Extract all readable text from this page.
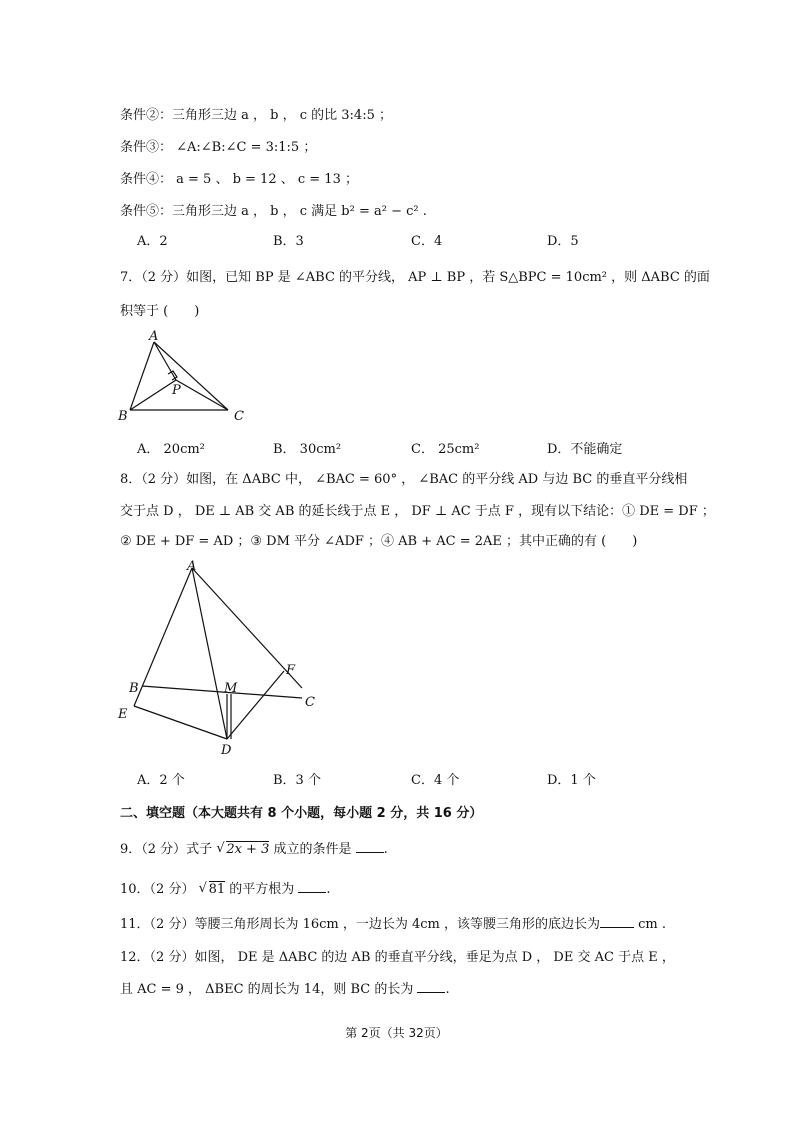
条件②：三角形三边 a ， b ， c 的比 3:4:5 ；
条件③： ∠A:∠B:∠C = 3:1:5 ；
条件④： a = 5 、 b = 12 、 c = 13 ；
条件⑤：三角形三边 a ， b ， c 满足 b² = a² − c² .
A．2	B．3	C．4	D．5
7．（2 分）如图，已知 BP 是 ∠ABC 的平分线， AP ⊥ BP ，若 S△BPC = 10cm² ，则 ΔABC 的面
积等于 (　　)
A
P
B	C
A． 20cm²	B． 30cm²	C． 25cm²	D．不能确定
8．（2 分）如图，在 ΔABC 中， ∠BAC = 60° ， ∠BAC 的平分线 AD 与边 BC 的垂直平分线相
交于点 D ， DE ⊥ AB 交 AB 的延长线于点 E ， DF ⊥ AC 于点 F ，现有以下结论：① DE = DF ；
② DE + DF = AD ；③ DM 平分 ∠ADF ；④ AB + AC = 2AE ；其中正确的有 (　　)
A
B
E
M
F
C
D
A．2 个	B．3 个	C．4 个	D．1 个
二、填空题（本大题共有 8 个小题，每小题 2 分，共 16 分）
9．（2 分）式子 √ 2x + 3 成立的条件是 .
10．（2 分） √ 81 的平方根为 .
11．（2 分）等腰三角形周长为 16cm ，一边长为 4cm ，该等腰三角形的底边长为	cm .
12．（2 分）如图， DE 是 ΔABC 的边 AB 的垂直平分线，垂足为点 D ， DE 交 AC 于点 E ，
且 AC = 9 ， ΔBEC 的周长为 14，则 BC 的长为 .
第 2页（共 32页）
